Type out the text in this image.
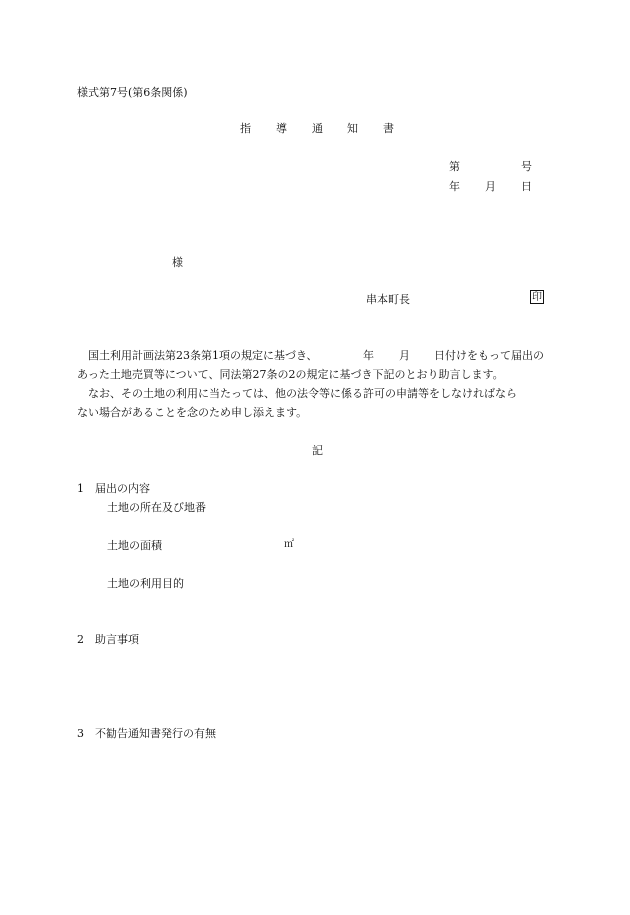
様式第7号(第6条関係)
指 導 通 知 書
第	号
年 月 日
様
串本町長	印
国土利用計画法第23条第1項の規定に基づき、	年 月 日付けをもって届出の
あった土地売買等について、同法第27条の2の規定に基づき下記のとおり助言します。
なお、その土地の利用に当たっては、他の法令等に係る許可の申請等をしなければなら
ない場合があることを念のため申し添えます。
記
1 届出の内容
土地の所在及び地番
土地の面積	㎡
土地の利用目的
2 助言事項
3 不勧告通知書発行の有無
